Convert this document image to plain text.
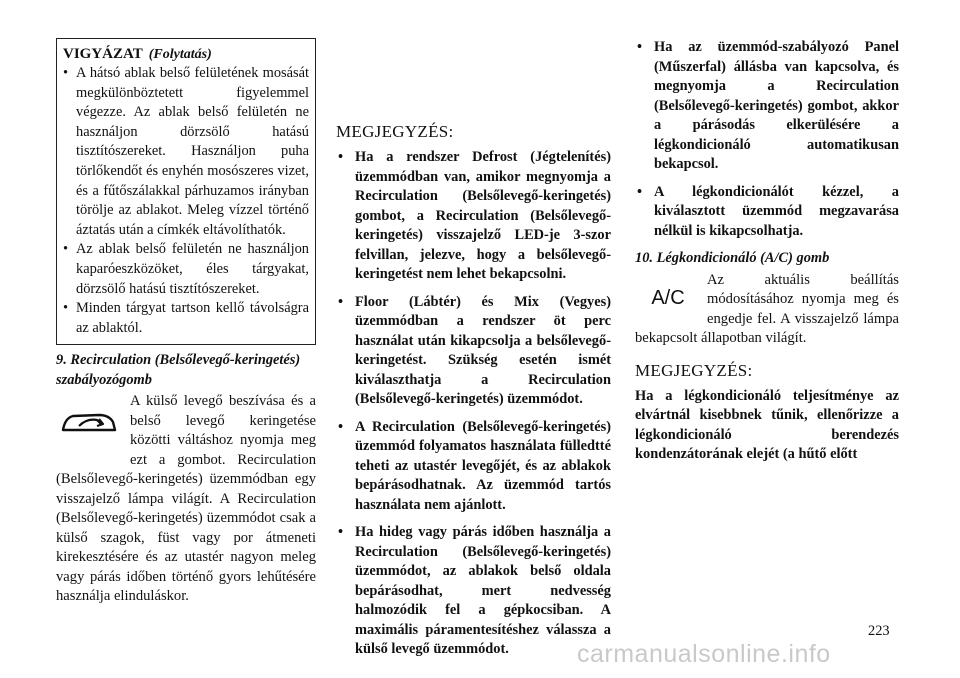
VIGYÁZAT (Folytatás)
• A hátsó ablak belső felületének mosását megkülönböztetett figyelemmel végezze. Az ablak belső felületén ne használjon dörzsölő hatású tisztítószereket. Használjon puha törlőkendőt és enyhén mosószeres vizet, és a fűtőszálakkal párhuzamos irányban törölje az ablakot. Meleg vízzel történő áztatás után a címkék eltávolíthatók.
• Az ablak belső felületén ne használjon kaparóeszközöket, éles tárgyakat, dörzsölő hatású tisztítószereket.
• Minden tárgyat tartson kellő távolságra az ablaktól.
9. Recirculation (Belsőlevegő-keringetés) szabályozógomb
A külső levegő beszívása és a belső levegő keringetése közötti váltáshoz nyomja meg ezt a gombot. Recirculation (Belsőlevegő-keringetés) üzemmódban egy visszajelző lámpa világít. A Recirculation (Belsőlevegő-keringetés) üzemmódot csak a külső szagok, füst vagy por átmeneti kirekesztésére és az utastér nagyon meleg vagy párás időben történő gyors lehűtésére használja elinduláskor.
MEGJEGYZÉS:
• Ha a rendszer Defrost (Jégtelenítés) üzemmódban van, amikor megnyomja a Recirculation (Belsőlevegő-keringetés) gombot, a Recirculation (Belsőlevegő-keringetés) visszajelző LED-je 3-szor felvillan, jelezve, hogy a belsőlevegő-keringetést nem lehet bekapcsolni.
• Floor (Lábtér) és Mix (Vegyes) üzemmódban a rendszer öt perc használat után kikapcsolja a belsőlevegő-keringetést. Szükség esetén ismét kiválaszthatja a Recirculation (Belsőlevegő-keringetés) üzemmódot.
• A Recirculation (Belsőlevegő-keringetés) üzemmód folyamatos használata fülledtté teheti az utastér levegőjét, és az ablakok bepárásodhatnak. Az üzemmód tartós használata nem ajánlott.
• Ha hideg vagy párás időben használja a Recirculation (Belsőlevegő-keringetés) üzemmódot, az ablakok belső oldala bepárásodhat, mert nedvesség halmozódik fel a gépkocsiban. A maximális páramentesítéshez válassza a külső levegő üzemmódot.
• Ha az üzemmód-szabályozó Panel (Műszerfal) állásba van kapcsolva, és megnyomja a Recirculation (Belsőlevegő-keringetés) gombot, akkor a párásodás elkerülésére a légkondicionáló automatikusan bekapcsol.
• A légkondicionálót kézzel, a kiválasztott üzemmód megzavarása nélkül is kikapcsolhatja.
10. Légkondicionáló (A/C) gomb
A/C
Az aktuális beállítás módosításához nyomja meg és engedje fel. A visszajelző lámpa bekapcsolt állapotban világít.
MEGJEGYZÉS:
Ha a légkondicionáló teljesítménye az elvártnál kisebbnek tűnik, ellenőrizze a légkondicionáló berendezés kondenzátorának elejét (a hűtő előtt
223
carmanualsonline.info
